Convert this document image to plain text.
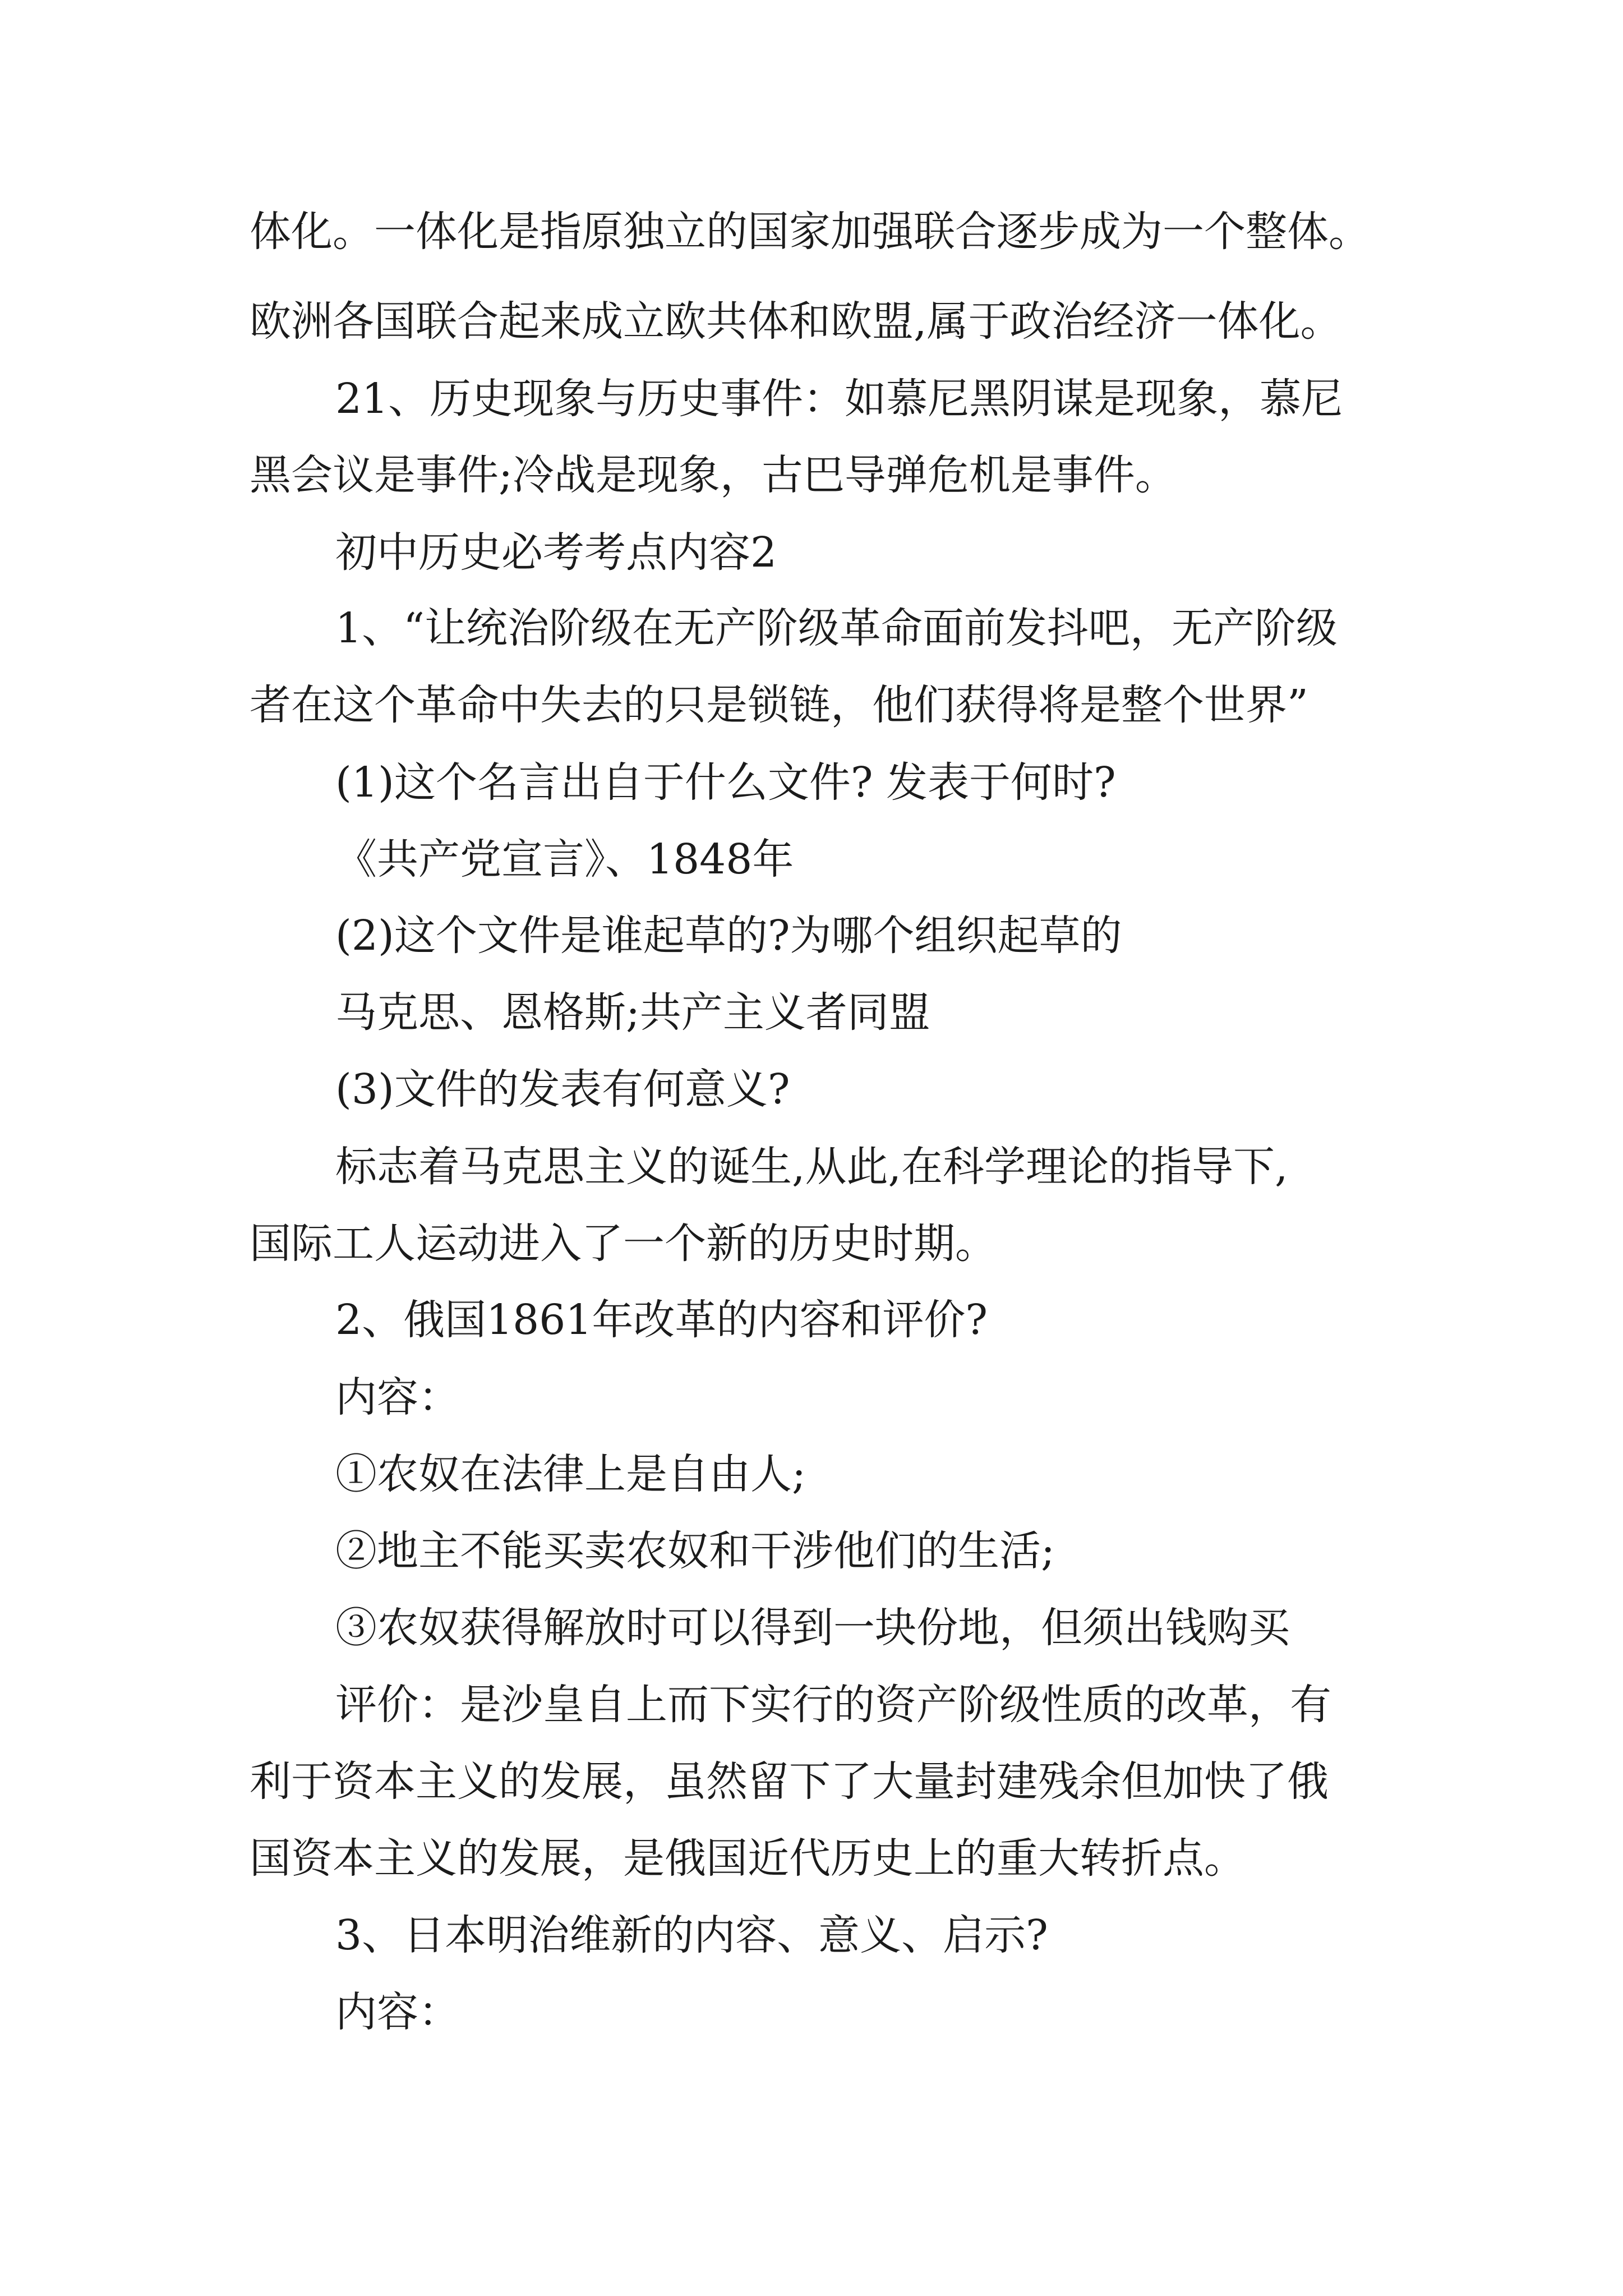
体化。一体化是指原独立的国家加强联合逐步成为一个整体。

欧洲各国联合起来成立欧共体和欧盟,属于政治经济一体化。

21、历史现象与历史事件：如慕尼黑阴谋是现象，慕尼

黑会议是事件;冷战是现象，古巴导弹危机是事件。

初中历史必考考点内容2

1、“让统治阶级在无产阶级革命面前发抖吧，无产阶级

者在这个革命中失去的只是锁链，他们获得将是整个世界”

(1)这个名言出自于什么文件? 发表于何时?

《共产党宣言》、1848年

(2)这个文件是谁起草的?为哪个组织起草的

马克思、恩格斯;共产主义者同盟

(3)文件的发表有何意义?

标志着马克思主义的诞生,从此,在科学理论的指导下,

国际工人运动进入了一个新的历史时期。

2、俄国1861年改革的内容和评价?

内容：

①农奴在法律上是自由人;

②地主不能买卖农奴和干涉他们的生活;

③农奴获得解放时可以得到一块份地，但须出钱购买

评价：是沙皇自上而下实行的资产阶级性质的改革，有

利于资本主义的发展，虽然留下了大量封建残余但加快了俄

国资本主义的发展，是俄国近代历史上的重大转折点。

3、日本明治维新的内容、意义、启示?

内容：
